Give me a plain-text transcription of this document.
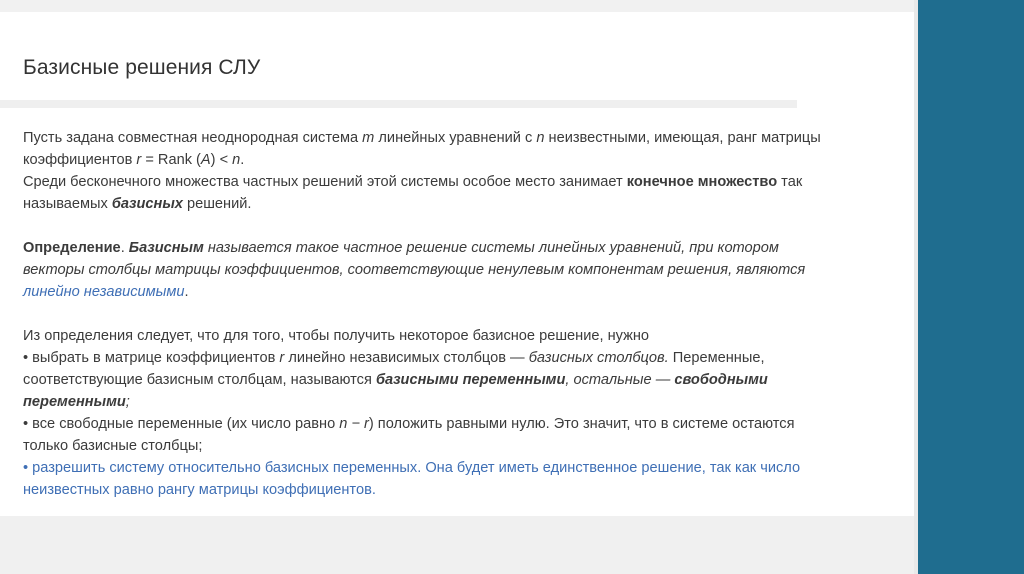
Базисные решения СЛУ

Пусть задана совместная неоднородная система m линейных уравнений с n неизвестными, имеющая, ранг матрицы

коэффициентов r = Rank (A) < n.

Среди бесконечного множества частных решений этой системы особое место занимает конечное множество так

называемых базисных решений.

Определение. Базисным называется такое частное решение системы линейных уравнений, при котором

векторы столбцы матрицы коэффициентов, соответствующие ненулевым компонентам решения, являются

линейно независимыми.

Из определения следует, что для того, чтобы получить некоторое базисное решение, нужно

• выбрать в матрице коэффициентов r линейно независимых столбцов — базисных столбцов. Переменные,

соответствующие базисным столбцам, называются базисными переменными, остальные — свободными

переменными;

• все свободные переменные (их число равно n − r) положить равными нулю. Это значит, что в системе остаются

только базисные столбцы;

• разрешить систему относительно базисных переменных. Она будет иметь единственное решение, так как число

неизвестных равно рангу матрицы коэффициентов.
